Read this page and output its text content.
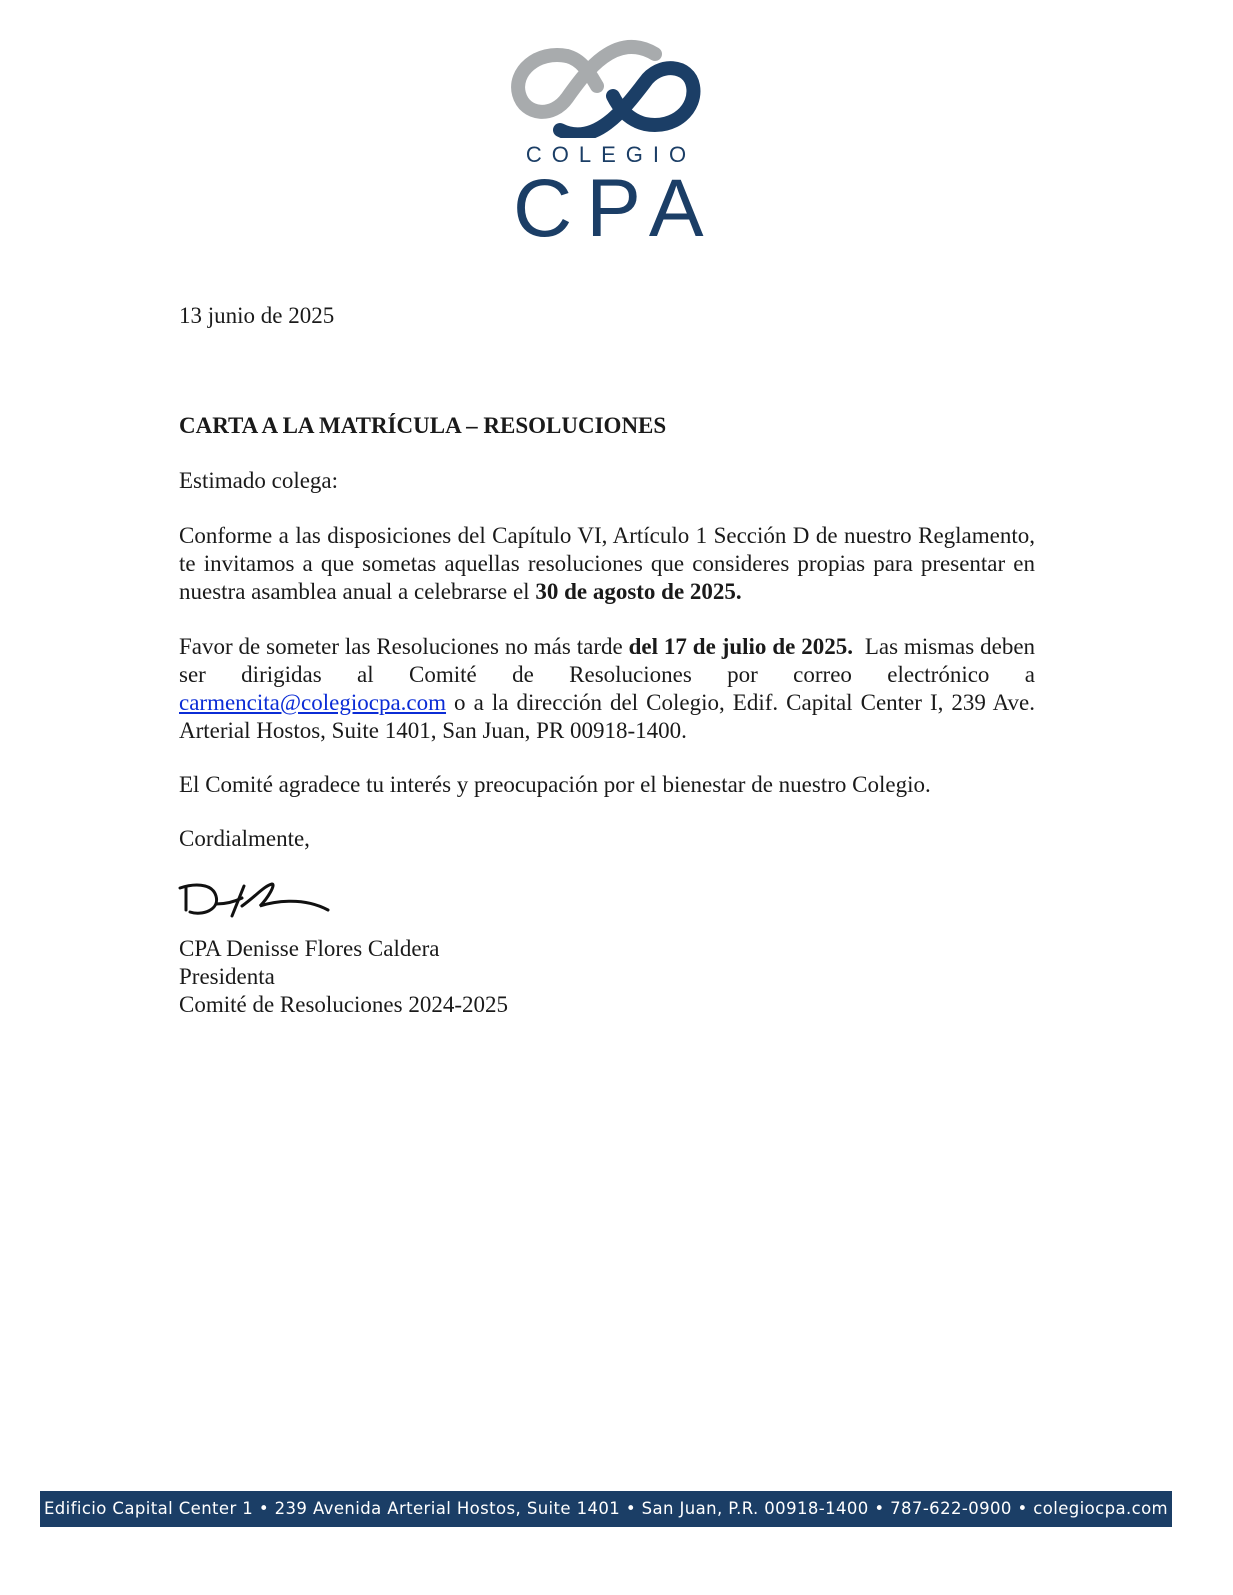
COLEGIO
CPA
13 junio de 2025
CARTA A LA MATRÍCULA – RESOLUCIONES
Estimado colega:
Conforme a las disposiciones del Capítulo VI, Artículo 1 Sección D de nuestro Reglamento, te invitamos a que sometas aquellas resoluciones que consideres propias para presentar en nuestra asamblea anual a celebrarse el 30 de agosto de 2025.
Favor de someter las Resoluciones no más tarde del 17 de julio de 2025. Las mismas deben ser dirigidas al Comité de Resoluciones por correo electrónico a carmencita@colegiocpa.com o a la dirección del Colegio, Edif. Capital Center I, 239 Ave. Arterial Hostos, Suite 1401, San Juan, PR 00918-1400.
El Comité agradece tu interés y preocupación por el bienestar de nuestro Colegio.
Cordialmente,
CPA Denisse Flores Caldera
Presidenta
Comité de Resoluciones 2024-2025
Edificio Capital Center 1 • 239 Avenida Arterial Hostos, Suite 1401 • San Juan, P.R. 00918-1400 • 787-622-0900 • colegiocpa.com
